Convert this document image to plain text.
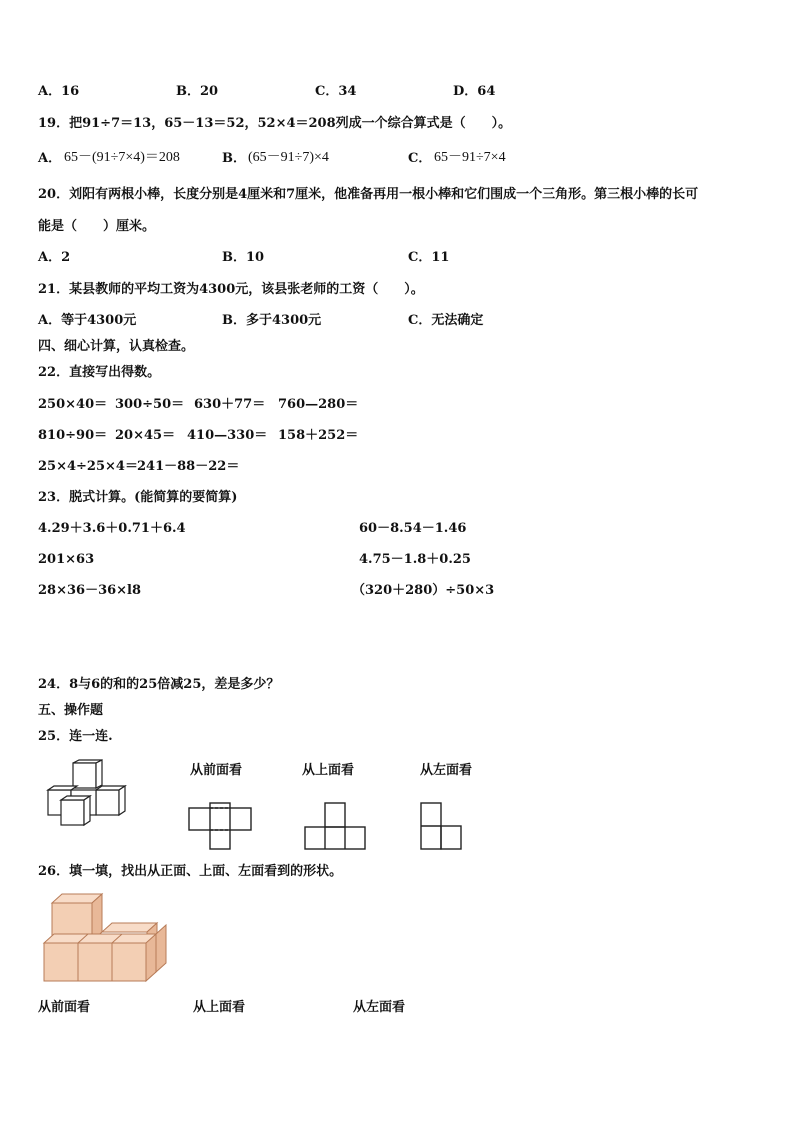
A．16	B．20	C．34	D．64
19．把91÷7＝13，65－13＝52，52×4＝208列成一个综合算式是（　　）。
A． 65－(91÷7×4)＝208	B． (65－91÷7)×4	C． 65－91÷7×4
20．刘阳有两根小棒，长度分别是4厘米和7厘米，他准备再用一根小棒和它们围成一个三角形。第三根小棒的长可
能是（　　）厘米。
A．2	B．10	C．11
21．某县教师的平均工资为4300元，该县张老师的工资（　　）。
A．等于4300元	B．多于4300元	C．无法确定
四、细心计算，认真检查。
22．直接写出得数。
250×40＝ 300÷50＝ 630＋77＝ 760—280＝
810÷90＝ 20×45＝ 410—330＝ 158＋252＝
25×4÷25×4＝ 241－88－22＝
23．脱式计算。(能简算的要简算)
4.29＋3.6＋0.71＋6.4	60－8.54－1.46
201×63	4.75－1.8＋0.25
28×36－36×l8	（320＋280）÷50×3
24．8与6的和的25倍减25，差是多少？
五、操作题
25．连一连.
从前面看	从上面看	从左面看
26．填一填，找出从正面、上面、左面看到的形状。
从前面看	从上面看	从左面看
